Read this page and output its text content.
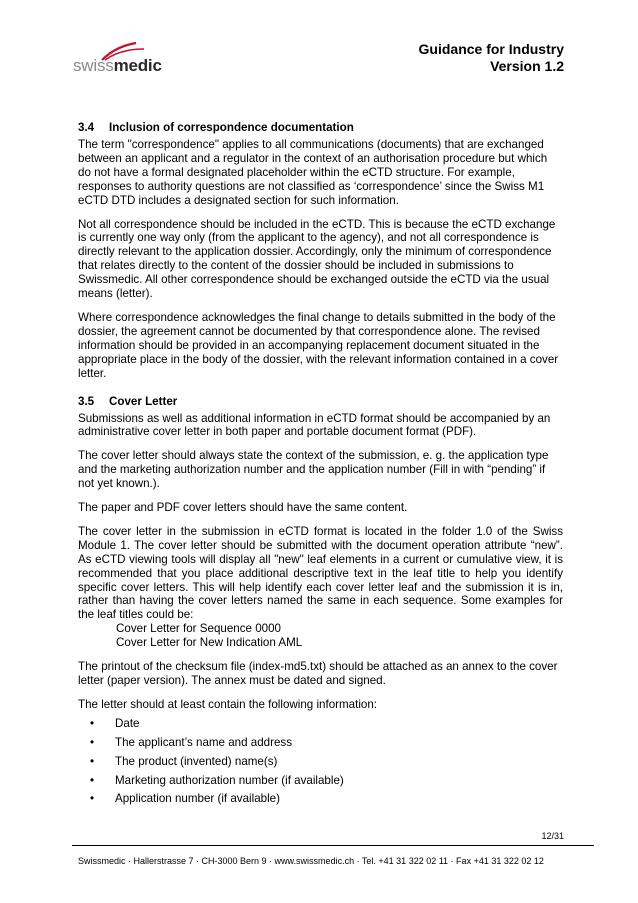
swissmedic
Guidance for Industry
Version 1.2
3.4 Inclusion of correspondence documentation

The term "correspondence" applies to all communications (documents) that are exchanged between an applicant and a regulator in the context of an authorisation procedure but which do not have a formal designated placeholder within the eCTD structure. For example, responses to authority questions are not classified as ‘correspondence’ since the Swiss M1 eCTD DTD includes a designated section for such information.

Not all correspondence should be included in the eCTD. This is because the eCTD exchange is currently one way only (from the applicant to the agency), and not all correspondence is directly relevant to the application dossier. Accordingly, only the minimum of correspondence that relates directly to the content of the dossier should be included in submissions to Swissmedic. All other correspondence should be exchanged outside the eCTD via the usual means (letter).

Where correspondence acknowledges the final change to details submitted in the body of the dossier, the agreement cannot be documented by that correspondence alone. The revised information should be provided in an accompanying replacement document situated in the appropriate place in the body of the dossier, with the relevant information contained in a cover letter.

3.5 Cover Letter

Submissions as well as additional information in eCTD format should be accompanied by an administrative cover letter in both paper and portable document format (PDF).

The cover letter should always state the context of the submission, e. g. the application type and the marketing authorization number and the application number (Fill in with “pending” if not yet known.).

The paper and PDF cover letters should have the same content.

The cover letter in the submission in eCTD format is located in the folder 1.0 of the Swiss Module 1. The cover letter should be submitted with the document operation attribute “new”. As eCTD viewing tools will display all "new" leaf elements in a current or cumulative view, it is recommended that you place additional descriptive text in the leaf title to help you identify specific cover letters. This will help identify each cover letter leaf and the submission it is in, rather than having the cover letters named the same in each sequence. Some examples for the leaf titles could be:
Cover Letter for Sequence 0000
Cover Letter for New Indication AML

The printout of the checksum file (index-md5.txt) should be attached as an annex to the cover letter (paper version). The annex must be dated and signed.

The letter should at least contain the following information:

• Date
• The applicant’s name and address
• The product (invented) name(s)
• Marketing authorization number (if available)
• Application number (if available)
12/31
Swissmedic · Hallerstrasse 7 · CH-3000 Bern 9 · www.swissmedic.ch · Tel. +41 31 322 02 11 · Fax +41 31 322 02 12
